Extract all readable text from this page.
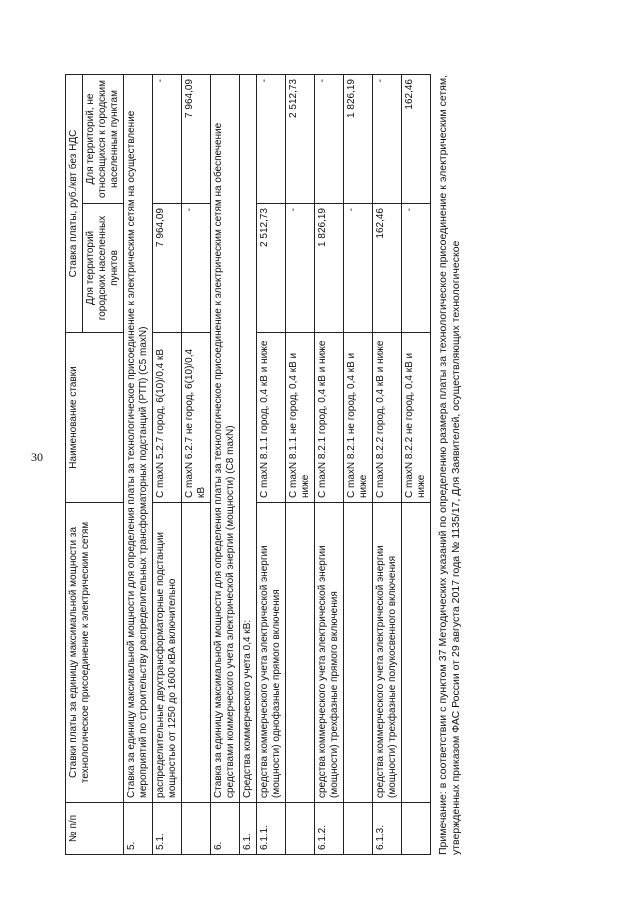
30
№ п/п	Ставки платы за единицу максимальной мощности за технологическое присоединение к электрическим сетям	Наименование ставки	Ставка платы, руб./квт без НДС	
			Для территорий городских населенных пунктов	Для территорий, не относящихся к городским населенным пунктам
5.	Ставка за единицу максимальной мощности для определения платы за технологическое присоединение к электрическим сетям на осуществление мероприятий по строительству распределительных трансформаторных подстанций (РТП) (С5 maxN)			
5.1.	распределительные двухтрансформаторные подстанции мощностью от 1250 до 1600 кВА включительно	C maxN 5.2.7 город, 6(10)/0,4 кВ	7 964,09	-
		C maxN 6.2.7 не город, 6(10)/0,4 кВ	-	7 964,09
6.	Ставка за единицу максимальной мощности для определения платы за технологическое присоединение к электрическим сетям на обеспечение средствами коммерческого учета электрической энергии (мощности) (С8 maxN)			
6.1.	Средства коммерческого учета 0,4 кВ:			
6.1.1.	средства коммерческого учета электрической энергии (мощности) однофазные прямого включения	C maxN 8.1.1 город, 0,4 кВ и ниже	2 512,73	-
		C maxN 8.1.1 не город, 0,4 кВ и ниже	-	2 512,73
6.1.2.	средства коммерческого учета электрической энергии (мощности) трехфазные прямого включения	C maxN 8.2.1 город, 0,4 кВ и ниже	1 826,19	-
		C maxN 8.2.1 не город, 0,4 кВ и ниже	-	1 826,19
6.1.3.	средства коммерческого учета электрической энергии (мощности) трехфазные полукосвенного включения	C maxN 8.2.2 город, 0,4 кВ и ниже	162,46	-
		C maxN 8.2.2 не город, 0,4 кВ и ниже	-	162,46 Примечание: в соответствии с пунктом 37 Методических указаний по определению размера платы за технологическое присоединение к электрическим сетям, утвержденных приказом ФАС России от 29 августа 2017 года № 1135/17, Для Заявителей, осуществляющих технологическое
